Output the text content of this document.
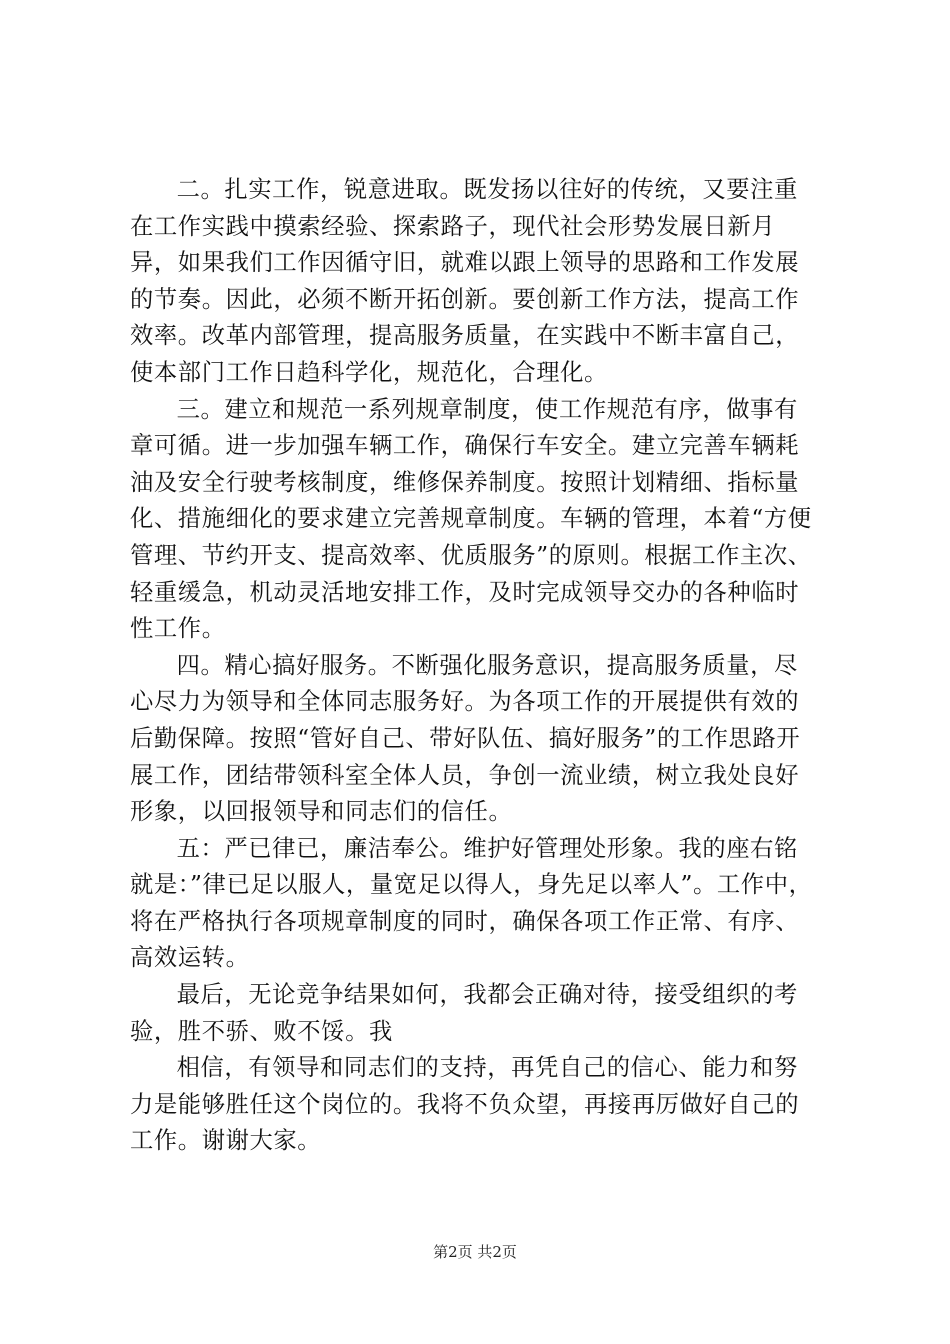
二。扎实工作，锐意进取。既发扬以往好的传统，又要注重在工作实践中摸索经验、探索路子，现代社会形势发展日新月异，如果我们工作因循守旧，就难以跟上领导的思路和工作发展的节奏。因此，必须不断开拓创新。要创新工作方法，提高工作效率。改革内部管理，提高服务质量，在实践中不断丰富自己，使本部门工作日趋科学化，规范化，合理化。

三。建立和规范一系列规章制度，使工作规范有序，做事有章可循。进一步加强车辆工作，确保行车安全。建立完善车辆耗油及安全行驶考核制度，维修保养制度。按照计划精细、指标量化、措施细化的要求建立完善规章制度。车辆的管理，本着“方便管理、节约开支、提高效率、优质服务”的原则。根据工作主次、轻重缓急，机动灵活地安排工作，及时完成领导交办的各种临时性工作。

四。精心搞好服务。不断强化服务意识，提高服务质量，尽心尽力为领导和全体同志服务好。为各项工作的开展提供有效的后勤保障。按照“管好自己、带好队伍、搞好服务”的工作思路开展工作，团结带领科室全体人员，争创一流业绩，树立我处良好形象，以回报领导和同志们的信任。

五：严已律已，廉洁奉公。维护好管理处形象。我的座右铭就是：”律已足以服人，量宽足以得人，身先足以率人”。工作中，将在严格执行各项规章制度的同时，确保各项工作正常、有序、高效运转。

最后，无论竞争结果如何，我都会正确对待，接受组织的考验，胜不骄、败不馁。我

相信，有领导和同志们的支持，再凭自己的信心、能力和努力是能够胜任这个岗位的。我将不负众望，再接再厉做好自己的工作。谢谢大家。

第2页 共2页
